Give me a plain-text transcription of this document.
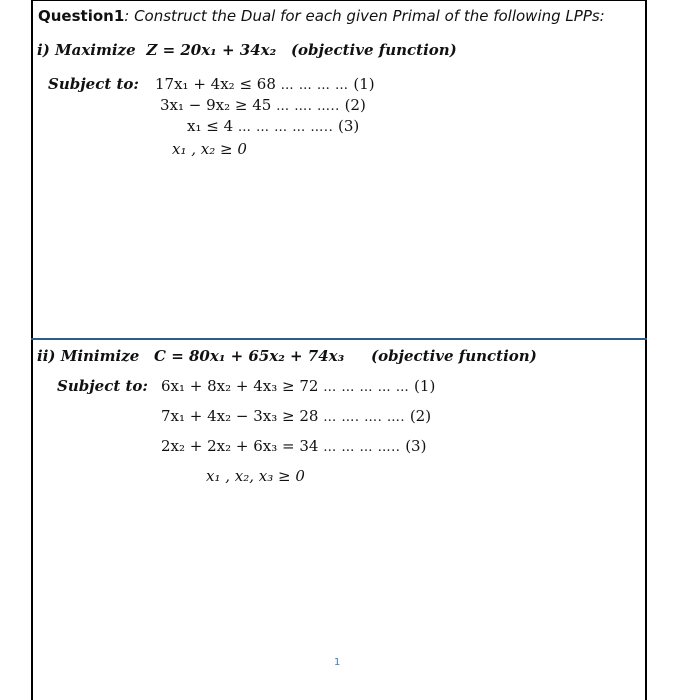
Question1: Construct the Dual for each given Primal of the following LPPs:
i) Maximize Z = 20x₁ + 34x₂ (objective function)
Subject to: 17x₁ + 4x₂ ≤ 68 … … … … (1)
3x₁ − 9x₂ ≥ 45 … …. ….. (2)
x₁ ≤ 4 … … … … ….. (3)
x₁ , x₂ ≥ 0
ii) Minimize C = 80x₁ + 65x₂ + 74x₃ (objective function)
Subject to: 6x₁ + 8x₂ + 4x₃ ≥ 72 … … … … … (1)
7x₁ + 4x₂ − 3x₃ ≥ 28 … …. …. …. (2)
2x₂ + 2x₂ + 6x₃ = 34 … … … ….. (3)
x₁ , x₂, x₃ ≥ 0
1
